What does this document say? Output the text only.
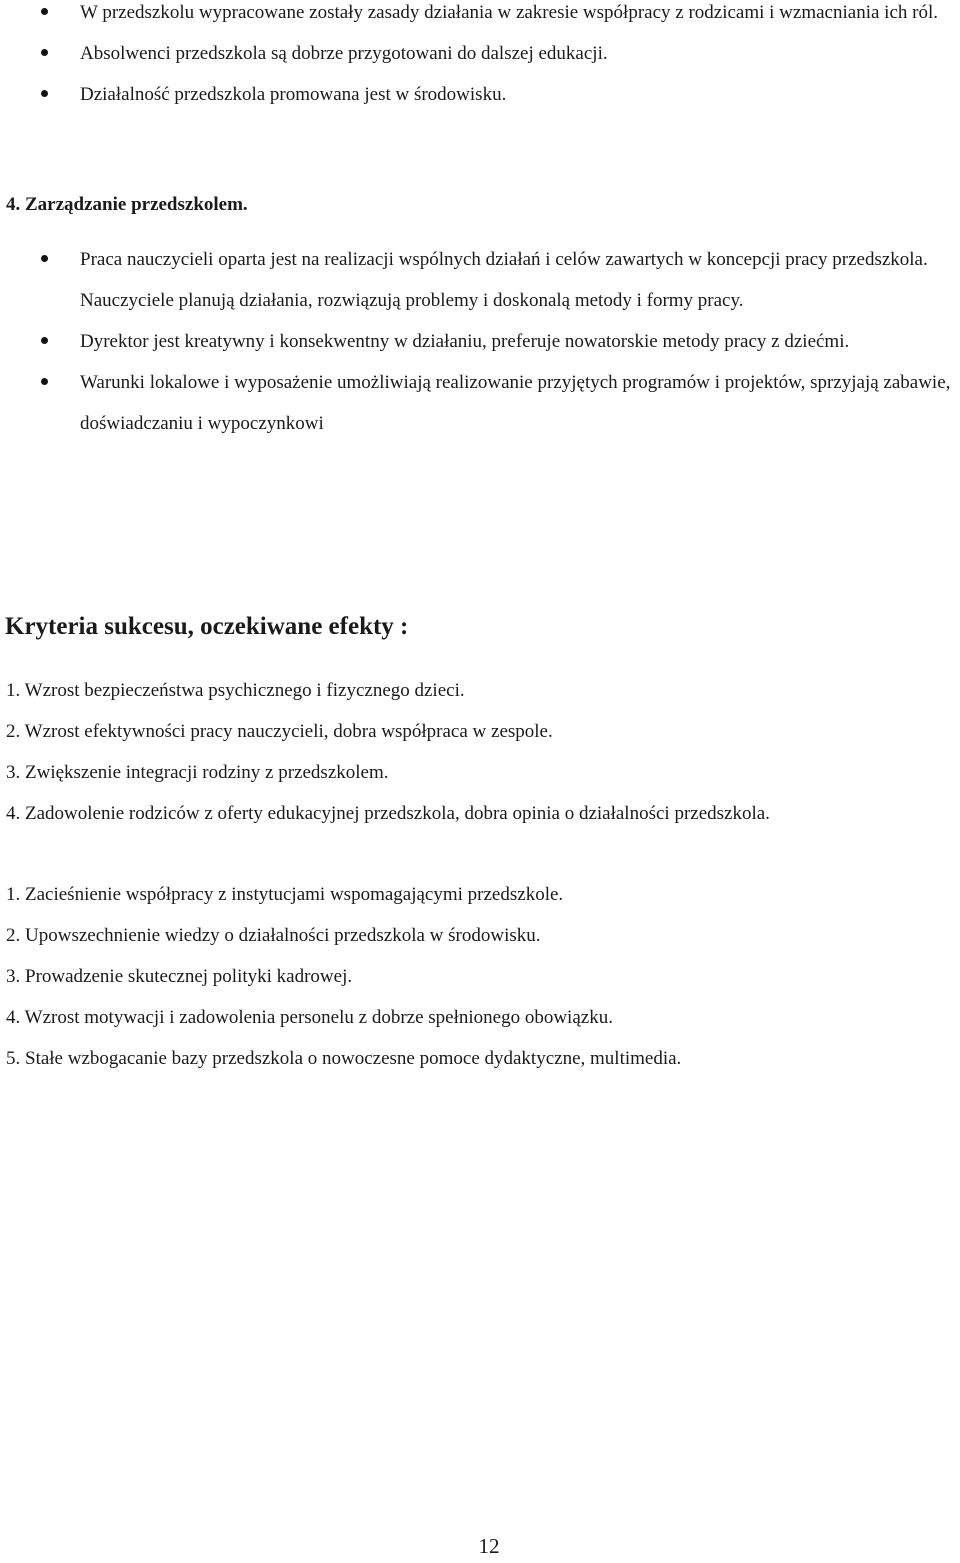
W przedszkolu wypracowane zostały zasady działania w zakresie współpracy z rodzicami i wzmacniania ich ról.
Absolwenci przedszkola są dobrze przygotowani do dalszej edukacji.
Działalność przedszkola promowana jest w środowisku.
4. Zarządzanie przedszkolem.
Praca nauczycieli oparta jest na realizacji wspólnych działań i celów zawartych w koncepcji pracy przedszkola. Nauczyciele planują działania, rozwiązują problemy i doskonalą metody i formy pracy.
Dyrektor jest kreatywny i konsekwentny w działaniu, preferuje nowatorskie metody pracy z dziećmi.
Warunki lokalowe i wyposażenie umożliwiają realizowanie przyjętych programów i projektów, sprzyjają zabawie, doświadczaniu i wypoczynkowi
Kryteria sukcesu, oczekiwane efekty :
1. Wzrost bezpieczeństwa psychicznego i fizycznego dzieci.
2. Wzrost efektywności pracy nauczycieli, dobra współpraca w zespole.
3. Zwiększenie integracji rodziny z przedszkolem.
4. Zadowolenie rodziców z oferty edukacyjnej przedszkola, dobra opinia o działalności przedszkola.
1. Zacieśnienie współpracy z instytucjami wspomagającymi przedszkole.
2. Upowszechnienie wiedzy o działalności przedszkola w środowisku.
3. Prowadzenie skutecznej polityki kadrowej.
4. Wzrost motywacji i zadowolenia personelu z dobrze spełnionego obowiązku.
5. Stałe wzbogacanie bazy przedszkola o nowoczesne pomoce dydaktyczne, multimedia.
12
